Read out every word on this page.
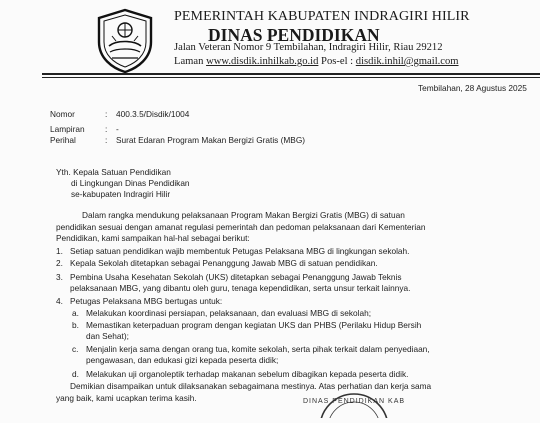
PEMERINTAH KABUPATEN INDRAGIRI HILIR
DINAS PENDIDIKAN
Jalan Veteran Nomor 9 Tembilahan, Indragiri Hilir, Riau 29212
Laman www.disdik.inhilkab.go.id Pos-el : disdik.inhil@gmail.com
Tembilahan, 28 Agustus 2025
Nomor	: 400.3.5/Disdik/1004
Lampiran : -
Perihal	: Surat Edaran Program Makan Bergizi Gratis (MBG)
Yth. Kepala Satuan Pendidikan
di Lingkungan Dinas Pendidikan
se-kabupaten Indragiri Hilir
Dalam rangka mendukung pelaksanaan Program Makan Bergizi Gratis (MBG) di satuan
pendidikan sesuai dengan amanat regulasi pemerintah dan pedoman pelaksanaan dari Kementerian
Pendidikan, kami sampaikan hal-hal sebagai berikut:
1. Setiap satuan pendidikan wajib membentuk Petugas Pelaksana MBG di lingkungan sekolah.
2. Kepala Sekolah ditetapkan sebagai Penanggung Jawab MBG di satuan pendidikan.
3. Pembina Usaha Kesehatan Sekolah (UKS) ditetapkan sebagai Penanggung Jawab Teknis
pelaksanaan MBG, yang dibantu oleh guru, tenaga kependidikan, serta unsur terkait lainnya.
4. Petugas Pelaksana MBG bertugas untuk:
a. Melakukan koordinasi persiapan, pelaksanaan, dan evaluasi MBG di sekolah;
b. Memastikan keterpaduan program dengan kegiatan UKS dan PHBS (Perilaku Hidup Bersih
dan Sehat);
c. Menjalin kerja sama dengan orang tua, komite sekolah, serta pihak terkait dalam penyediaan,
pengawasan, dan edukasi gizi kepada peserta didik;
d. Melakukan uji organoleptik terhadap makanan sebelum dibagikan kepada peserta didik.
Demikian disampaikan untuk dilaksanakan sebagaimana mestinya. Atas perhatian dan kerja sama
yang baik, kami ucapkan terima kasih.	DINAS PENDIDIKAN KAB
